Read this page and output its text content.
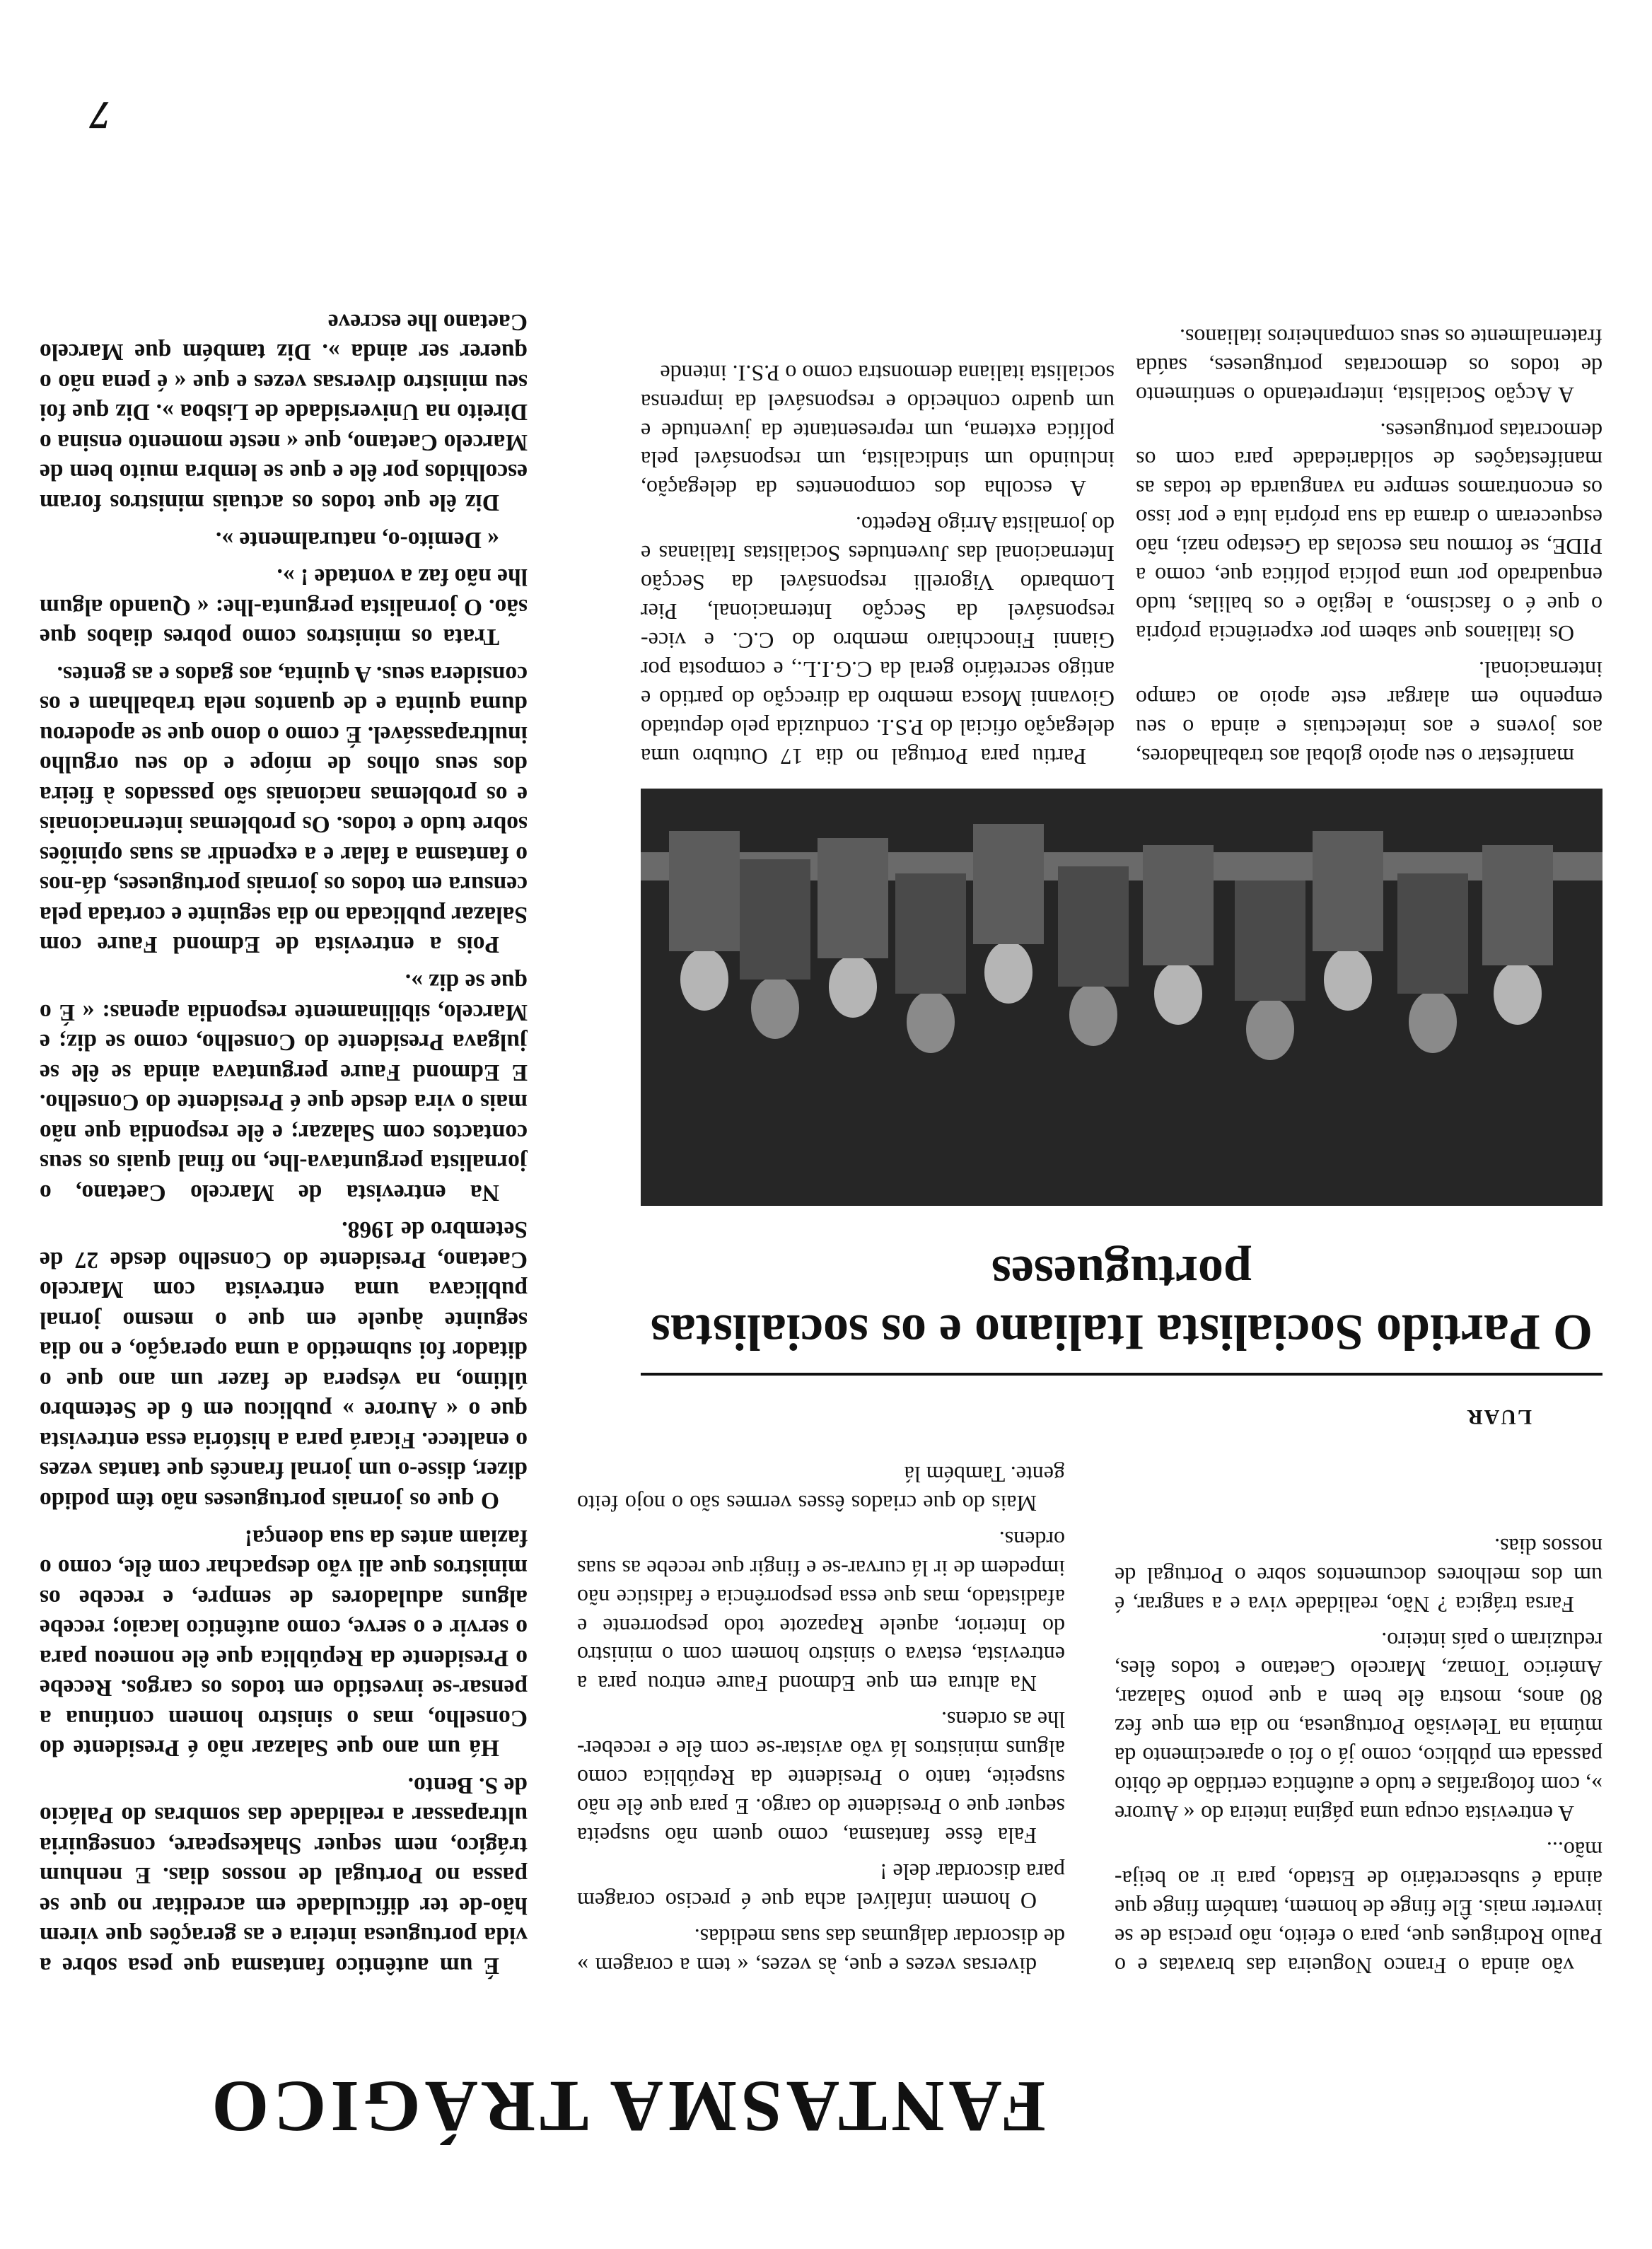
FANTASMA TRÁGICO

É um autêntico fantasma que pesa sobre a vida portuguesa inteira e as gerações que virem hão-de ter dificuldade em acreditar no que se passa no Portugal de nossos dias. E nenhum trágico, nem sequer Shakespeare, conseguiria ultrapassar a realidade das sombras do Palácio de S. Bento.

Há um ano que Salazar não é Presidente do Conselho, mas o sinistro homem continua a pensar-se investido em todos os cargos. Recebe o Presidente da República que êle nomeou para o servir e o serve, como autêntico lacaio; recebe alguns aduladores de sempre, e recebe os ministros que ali vão despachar com êle, como o faziam antes da sua doença!

O que os jornais portugueses não têm podido dizer, disse-o um jornal francês que tantas vezes o enaltece. Ficará para a história essa entrevista que o « Aurore » publicou em 6 de Setembro último, na véspera de fazer um ano que o ditador foi submetido a uma operação, e no dia seguinte àquele em que o mesmo jornal publicava uma entrevista com Marcelo Caetano, Presidente do Conselho desde 27 de Setembro de 1968.

Na entrevista de Marcelo Caetano, o jornalista perguntava-lhe, no final quais os seus contactos com Salazar; e êle respondia que não mais o vira desde que é Presidente do Conselho. E Edmond Faure perguntava ainda se êle se julgava Presidente do Conselho, como se diz; e Marcelo, sibilinamente respondia apenas: « É o que se diz ».

Pois a entrevista de Edmond Faure com Salazar publicada no dia seguinte e cortada pela censura em todos os jornais portugueses, dá-nos o fantasma a falar e a expendir as suas opiniões sobre tudo e todos. Os problemas internacionais e os problemas nacionais são passados à fieira dos seus olhos de míope e do seu orgulho inultrapassável. É como o dono que se apoderou duma quinta e de quantos nela trabalham e os considera seus. A quinta, aos gados e as gentes.

Trata os ministros como pobres diabos que são. O jornalista pergunta-lhe: « Quando algum lhe não faz a vontade ! ».

« Demito-o, naturalmente ».

Diz êle que todos os actuais ministros foram escolhidos por êle e que se lembra muito bem de Marcelo Caetano, que « neste momento ensina o Direito na Universidade de Lisboa ». Diz que foi seu ministro diversas vezes e que « é pena não o querer ser ainda ». Diz também que Marcelo Caetano lhe escreve

diversas vezes e que, às vezes, « tem a coragem » de discordar dalgumas das suas medidas.

O homem infalível acha que é preciso coragem para discordar dele !

Fala êsse fantasma, como quem não suspeita sequer que o Presidente do cargo. E para que êle não suspeite, tanto o Presidente da República como alguns ministros lá vão avistar-se com êle e receber-lhe as ordens.

Na altura em que Edmond Faure entrou para a entrevista, estava o sinistro homem com o ministro do Interior, aquele Rapazote todo pesporrente e afadistado, mas que essa pesporrência e fadistice não impedem de ir lá curvar-se e fingir que recebe as suas ordens.

Mais do que criados êsses vermes são o nojo feito gente. Também lá

vão ainda o Franco Nogueira das bravatas e o Paulo Rodrigues que, para o efeito, não precisa de se inverter mais. Êle finge de homem, também finge que ainda é subsecretário de Estado, para ir ao beija-mão...

A entrevista ocupa uma página inteira do « Aurore », com fotografias e tudo e autêntica certidão de óbito passada em público, como já o foi o aparecimento da múmia na Televisão Portuguesa, no dia em que fez 80 anos, mostra êle bem a que ponto Salazar, Américo Tomaz, Marcelo Caetano e todos êles, reduziram o país inteiro.

Farsa trágica ? Não, realidade viva e a sangrar, é um dos melhores documentos sobre o Portugal de nossos dias.

7
LUAR
O Partido Socialista Italiano e os socialistas portugueses

Partiu para Portugal no dia 17 Outubro uma delegação oficial do P.S.I. conduzida pelo deputado Giovanni Mosca membro da direcção do partido e antigo secretário geral da C.G.I.L., e composta por Gianni Finocchiaro membro do C.C. e vice-responsável da Secção Internacional, Pier Lombardo Vigorelli responsável da Secção Internacional das Juventudes Socialistas Italianas e do jornalista Arrigo Repetto.

A escolha dos componentes da delegação, incluindo um sindicalista, um responsável pela política externa, um representante da juventude e um quadro conhecido e responsável da imprensa socialista italiana demonstra como o P.S.I. intende

manifestar o seu apoio global aos trabalhadores, aos jovens e aos intelectuais e ainda o seu empenho em alargar este apoio ao campo internacional.

Os italianos que sabem por experiência própria o que é o fascismo, a legião e os balilas, tudo enquadrado por uma polícia política que, como a PIDE, se formou nas escolas da Gestapo nazi, não esqueceram o drama da sua própria luta e por isso os encontramos sempre na vanguarda de todas as manifestações de solidariedade para com os democratas portugueses.

A Acção Socialista, interpretando o sentimento de todos os democratas portugueses, saúda fraternalmente os seus companheiros italianos.
